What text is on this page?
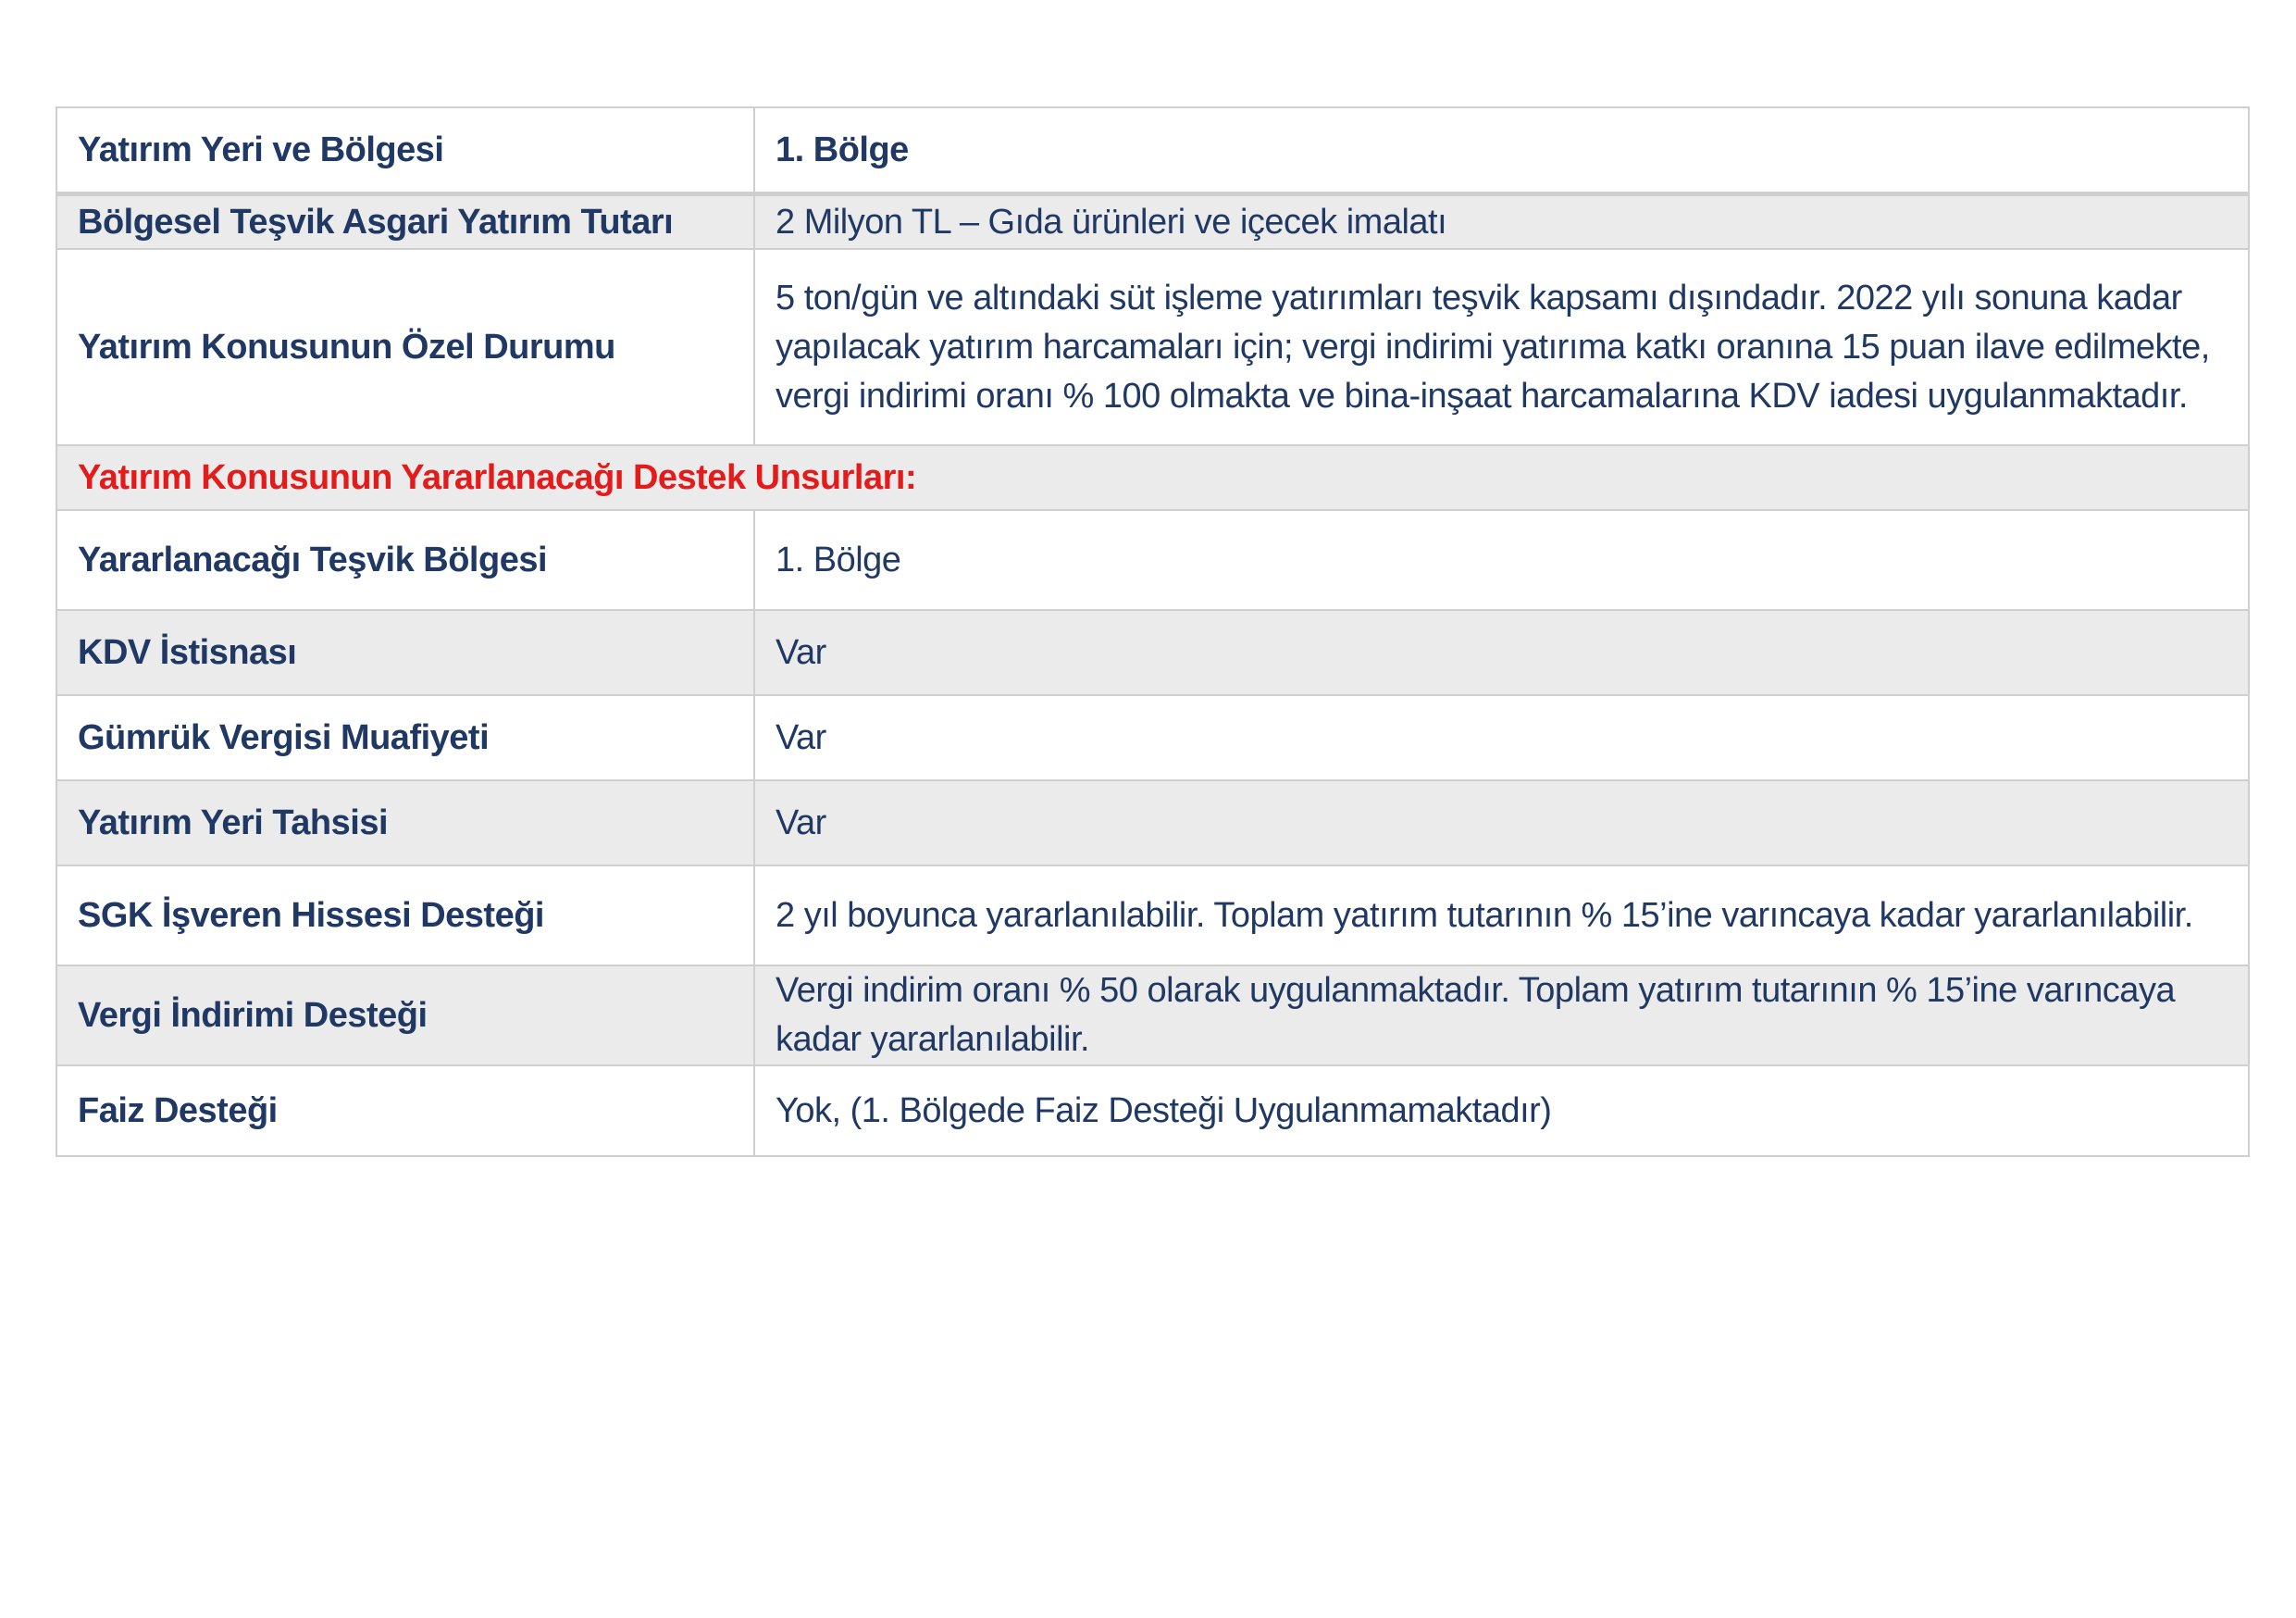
Yatırım Yeri ve Bölgesi	1. Bölge
Bölgesel Teşvik Asgari Yatırım Tutarı	2 Milyon TL – Gıda ürünleri ve içecek imalatı
Yatırım Konusunun Özel Durumu	5 ton/gün ve altındaki süt işleme yatırımları teşvik kapsamı dışındadır. 2022 yılı sonuna kadar yapılacak yatırım harcamaları için; vergi indirimi yatırıma katkı oranına 15 puan ilave edilmekte, vergi indirimi oranı % 100 olmakta ve bina-inşaat harcamalarına KDV iadesi uygulanmaktadır.
Yatırım Konusunun Yararlanacağı Destek Unsurları:	
Yararlanacağı Teşvik Bölgesi	1. Bölge
KDV İstisnası	Var
Gümrük Vergisi Muafiyeti	Var
Yatırım Yeri Tahsisi	Var
SGK İşveren Hissesi Desteği	2 yıl boyunca yararlanılabilir. Toplam yatırım tutarının % 15’ine varıncaya kadar yararlanılabilir.
Vergi İndirimi Desteği	Vergi indirim oranı % 50 olarak uygulanmaktadır. Toplam yatırım tutarının % 15’ine varıncaya kadar yararlanılabilir.
Faiz Desteği	Yok, (1. Bölgede Faiz Desteği Uygulanmamaktadır)
